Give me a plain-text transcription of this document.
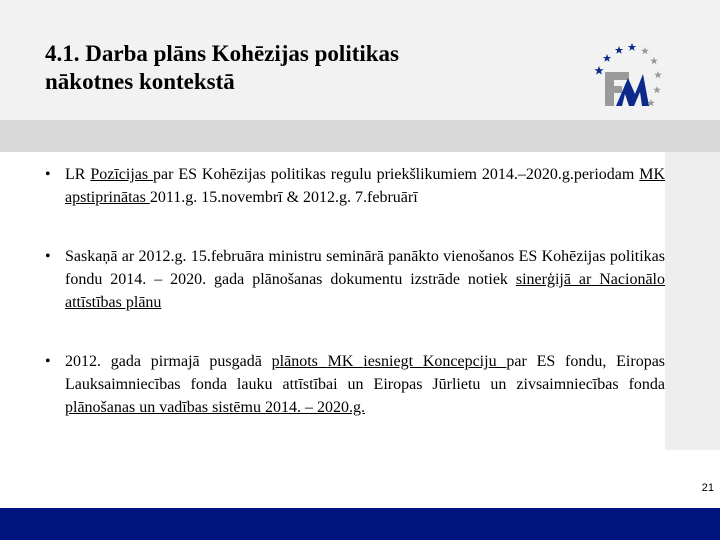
4.1. Darba plāns Kohēzijas politikas
nākotnes kontekstā
FM
• LR Pozīcijas par ES Kohēzijas politikas regulu priekšlikumiem 2014.–2020.g.periodam MK apstiprinātas 2011.g. 15.novembrī & 2012.g. 7.februārī
• Saskaņā ar 2012.g. 15.februāra ministru seminārā panākto vienošanos ES Kohēzijas politikas fondu 2014. – 2020. gada plānošanas dokumentu izstrāde notiek sinerģijā ar Nacionālo attīstības plānu
• 2012. gada pirmajā pusgadā plānots MK iesniegt Koncepciju par ES fondu, Eiropas Lauksaimniecības fonda lauku attīstībai un Eiropas Jūrlietu un zivsaimniecības fonda plānošanas un vadības sistēmu 2014. – 2020.g.
21
